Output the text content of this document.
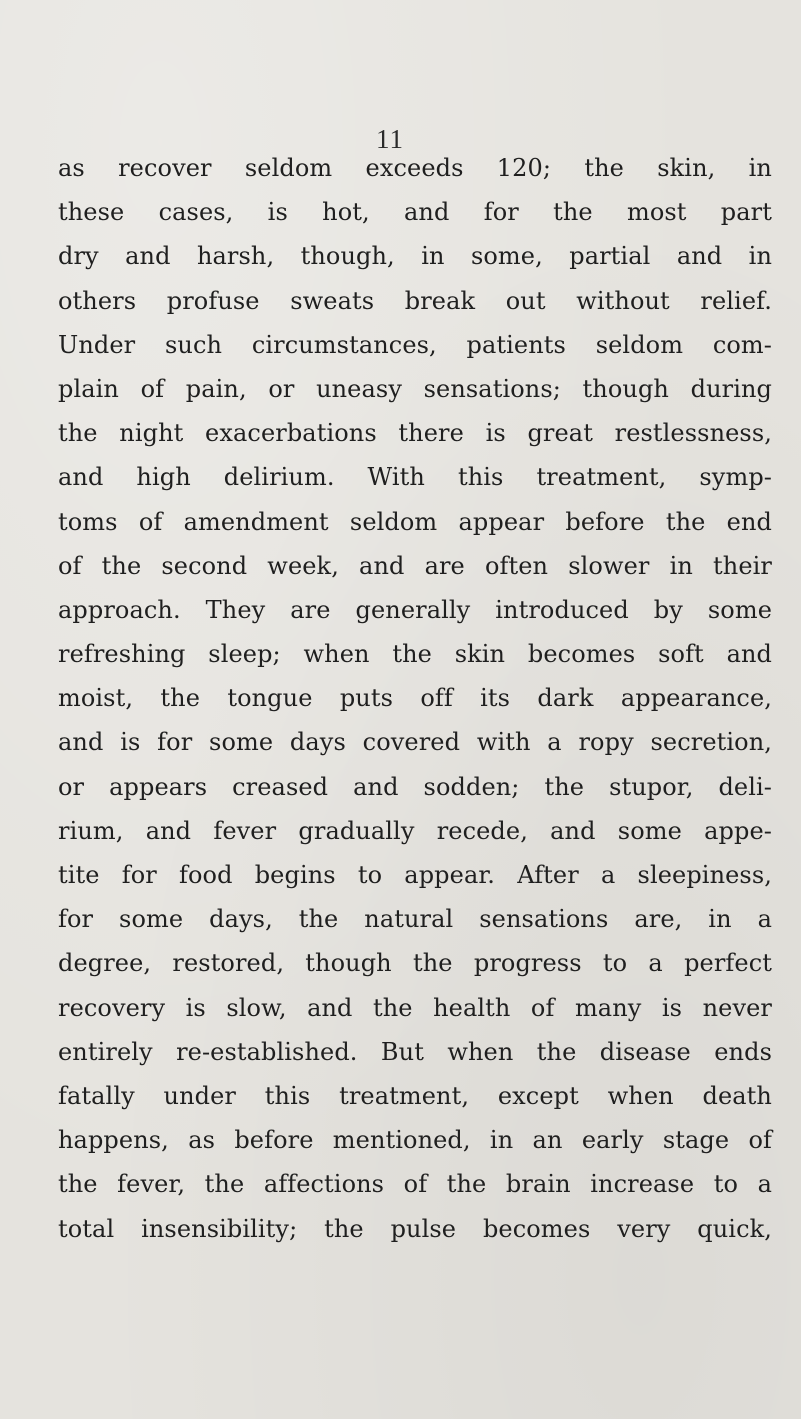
11
as recover seldom exceeds 120; the skin, in
these cases, is hot, and for the most part
dry and harsh, though, in some, partial and in
others profuse sweats break out without relief.
Under such circumstances, patients seldom com-
plain of pain, or uneasy sensations; though during
the night exacerbations there is great restlessness,
and high delirium. With this treatment, symp-
toms of amendment seldom appear before the end
of the second week, and are often slower in their
approach. They are generally introduced by some
refreshing sleep; when the skin becomes soft and
moist, the tongue puts off its dark appearance,
and is for some days covered with a ropy secretion,
or appears creased and sodden; the stupor, deli-
rium, and fever gradually recede, and some appe-
tite for food begins to appear. After a sleepiness,
for some days, the natural sensations are, in a
degree, restored, though the progress to a perfect
recovery is slow, and the health of many is never
entirely re-established. But when the disease ends
fatally under this treatment, except when death
happens, as before mentioned, in an early stage of
the fever, the affections of the brain increase to a
total insensibility; the pulse becomes very quick,
